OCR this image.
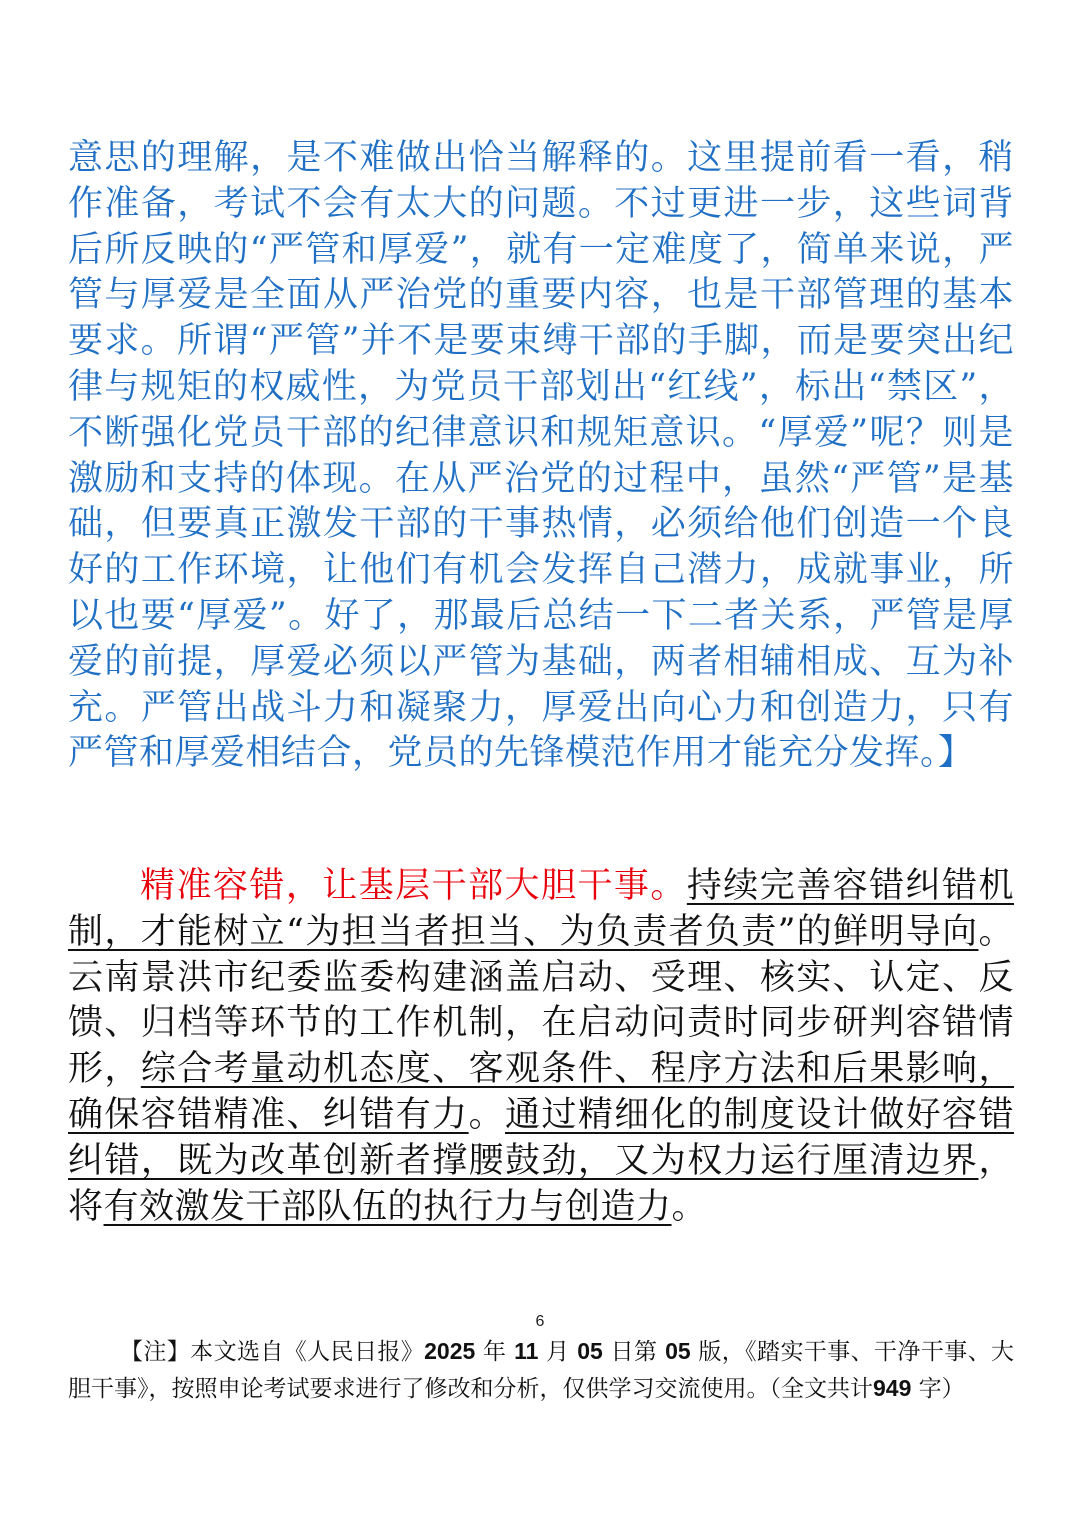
意思的理解，是不难做出恰当解释的。这里提前看一看，稍作准备，考试不会有太大的问题。不过更进一步，这些词背后所反映的“严管和厚爱”，就有一定难度了，简单来说，严管与厚爱是全面从严治党的重要内容，也是干部管理的基本要求。所谓“严管”并不是要束缚干部的手脚，而是要突出纪律与规矩的权威性，为党员干部划出“红线”，标出“禁区”，不断强化党员干部的纪律意识和规矩意识。“厚爱”呢？则是激励和支持的体现。在从严治党的过程中，虽然“严管”是基础，但要真正激发干部的干事热情，必须给他们创造一个良好的工作环境，让他们有机会发挥自己潜力，成就事业，所以也要“厚爱”。好了，那最后总结一下二者关系，严管是厚爱的前提，厚爱必须以严管为基础，两者相辅相成、互为补充。严管出战斗力和凝聚力，厚爱出向心力和创造力，只有严管和厚爱相结合，党员的先锋模范作用才能充分发挥。】
精准容错，让基层干部大胆干事。持续完善容错纠错机制，才能树立“为担当者担当、为负责者负责”的鲜明导向。云南景洪市纪委监委构建涵盖启动、受理、核实、认定、反馈、归档等环节的工作机制，在启动问责时同步研判容错情形，综合考量动机态度、客观条件、程序方法和后果影响，确保容错精准、纠错有力。通过精细化的制度设计做好容错纠错，既为改革创新者撑腰鼓劲，又为权力运行厘清边界，将有效激发干部队伍的执行力与创造力。
6
【注】本文选自《人民日报》2025 年 11 月 05 日第 05 版，《踏实干事、干净干事、大胆干事》，按照申论考试要求进行了修改和分析，仅供学习交流使用。（全文共计949 字）
